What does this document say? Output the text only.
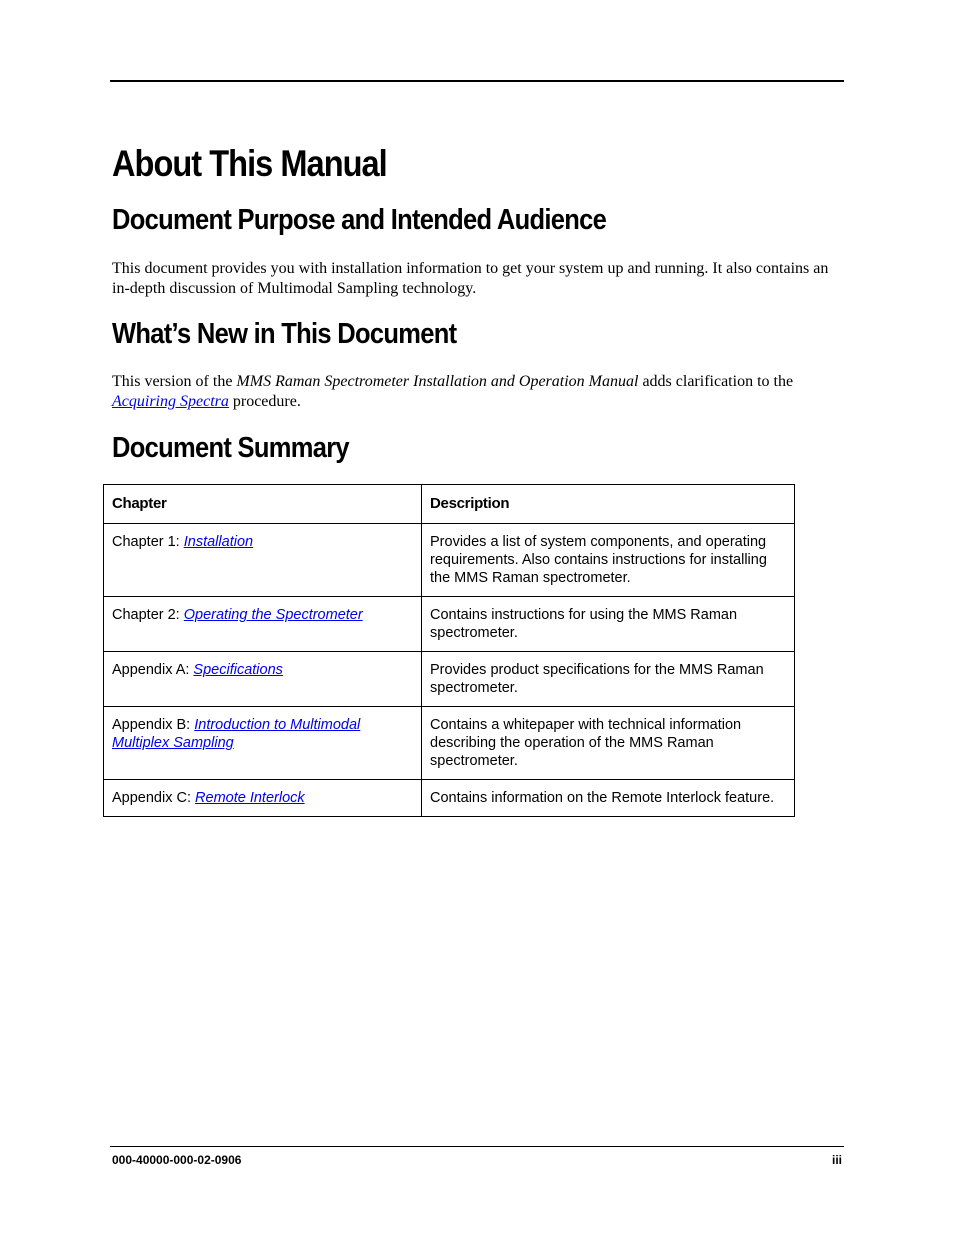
About This Manual
Document Purpose and Intended Audience

This document provides you with installation information to get your system up and running. It also contains an in-depth discussion of Multimodal Sampling technology.

What’s New in This Document

This version of the MMS Raman Spectrometer Installation and Operation Manual adds clarification to the Acquiring Spectra procedure.

Document Summary
Chapter	Description
Chapter 1: Installation	Provides a list of system components, and operating requirements. Also contains instructions for installing the MMS Raman spectrometer.
Chapter 2: Operating the Spectrometer	Contains instructions for using the MMS Raman spectrometer.
Appendix A: Specifications	Provides product specifications for the MMS Raman spectrometer.
Appendix B: Introduction to Multimodal Multiplex Sampling	Contains a whitepaper with technical information describing the operation of the MMS Raman spectrometer.
Appendix C: Remote Interlock	Contains information on the Remote Interlock feature.
000-40000-000-02-0906	iii
